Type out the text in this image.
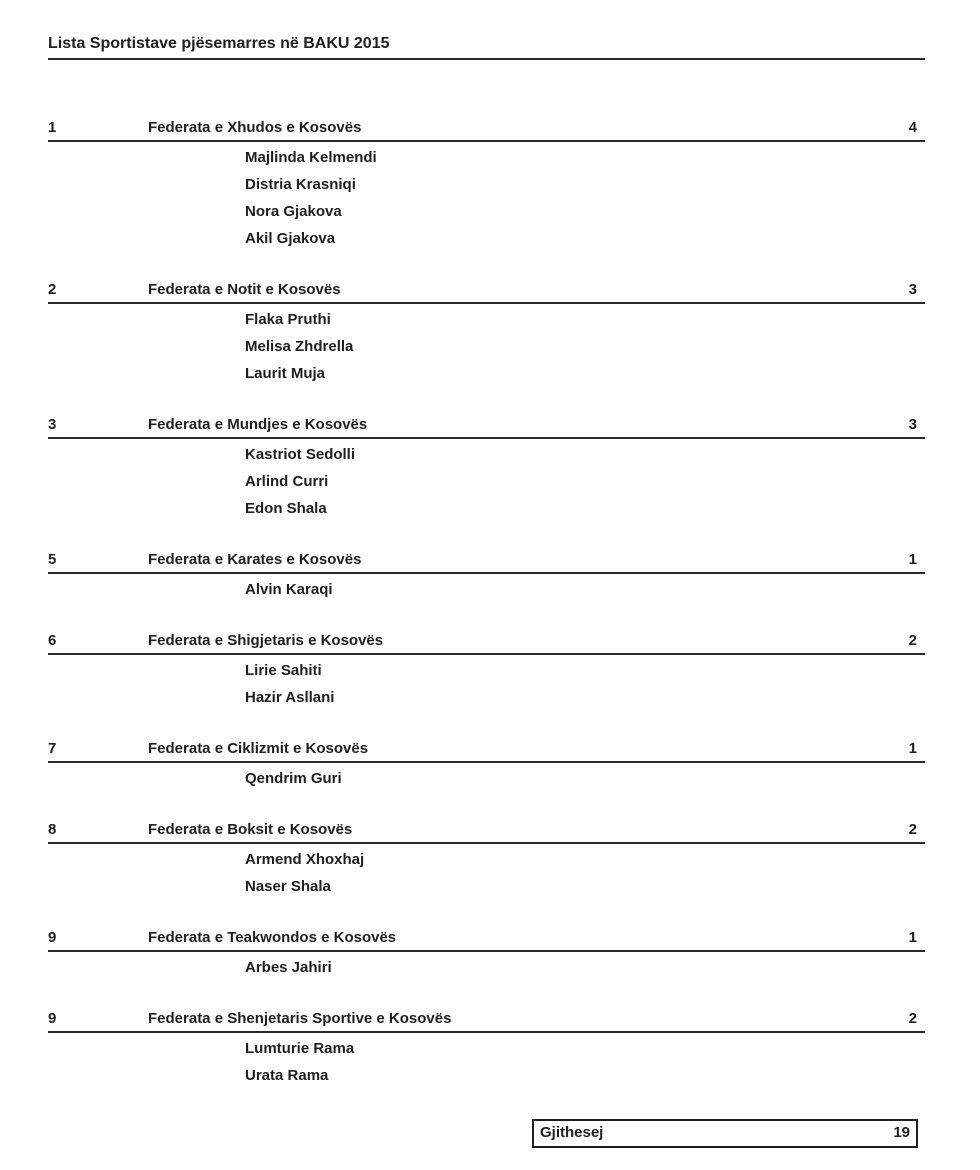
Lista Sportistave pjësemarres në BAKU 2015
1	Federata e Xhudos e Kosovës	4
Majlinda Kelmendi
Distria Krasniqi
Nora Gjakova
Akil Gjakova
2	Federata e Notit e Kosovës	3
Flaka Pruthi
Melisa Zhdrella
Laurit Muja
3	Federata e Mundjes e Kosovës	3
Kastriot Sedolli
Arlind Curri
Edon Shala
5	Federata e Karates e Kosovës	1
Alvin Karaqi
6	Federata e Shigjetaris e Kosovës	2
Lirie Sahiti
Hazir Asllani
7	Federata e Ciklizmit e Kosovës	1
Qendrim Guri
8	Federata e Boksit e Kosovës	2
Armend Xhoxhaj
Naser Shala
9	Federata e Teakwondos e Kosovës	1
Arbes Jahiri
9	Federata e Shenjetaris Sportive e Kosovës	2
Lumturie Rama
Urata Rama
Gjithesej	19
